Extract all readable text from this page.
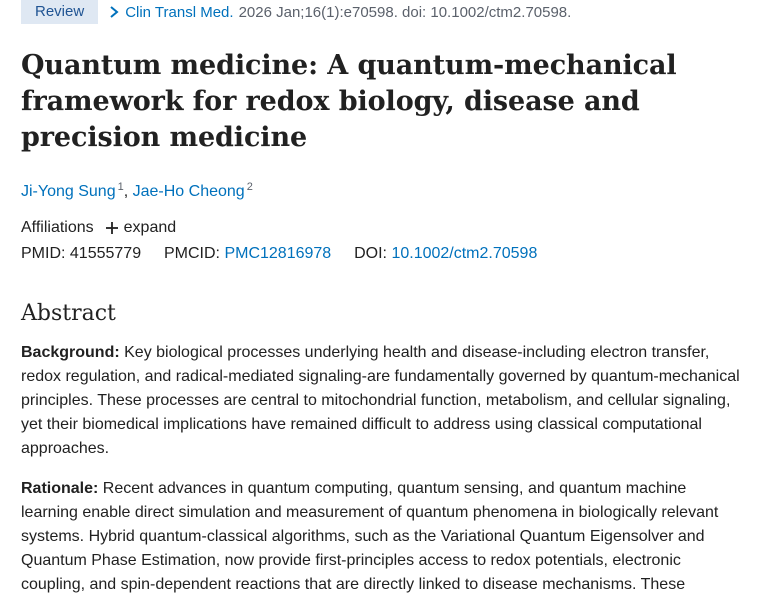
Review	Clin Transl Med. 2026 Jan;16(1):e70598. doi: 10.1002/ctm2.70598.
Quantum medicine: A quantum-mechanical framework for redox biology, disease and precision medicine
Ji-Yong Sung $^1$, Jae-Ho Cheong $^2$
Affiliations expand
PMID: 41555779 PMCID: PMC12816978 DOI: 10.1002/ctm2.70598
Abstract

Background: Key biological processes underlying health and disease-including electron transfer, redox regulation, and radical-mediated signaling-are fundamentally governed by quantum-mechanical principles. These processes are central to mitochondrial function, metabolism, and cellular signaling, yet their biomedical implications have remained difficult to address using classical computational approaches.

Rationale: Recent advances in quantum computing, quantum sensing, and quantum machine learning enable direct simulation and measurement of quantum phenomena in biologically relevant systems. Hybrid quantum-classical algorithms, such as the Variational Quantum Eigensolver and Quantum Phase Estimation, now provide first-principles access to redox potentials, electronic coupling, and spin-dependent reactions that are directly linked to disease mechanisms. These
